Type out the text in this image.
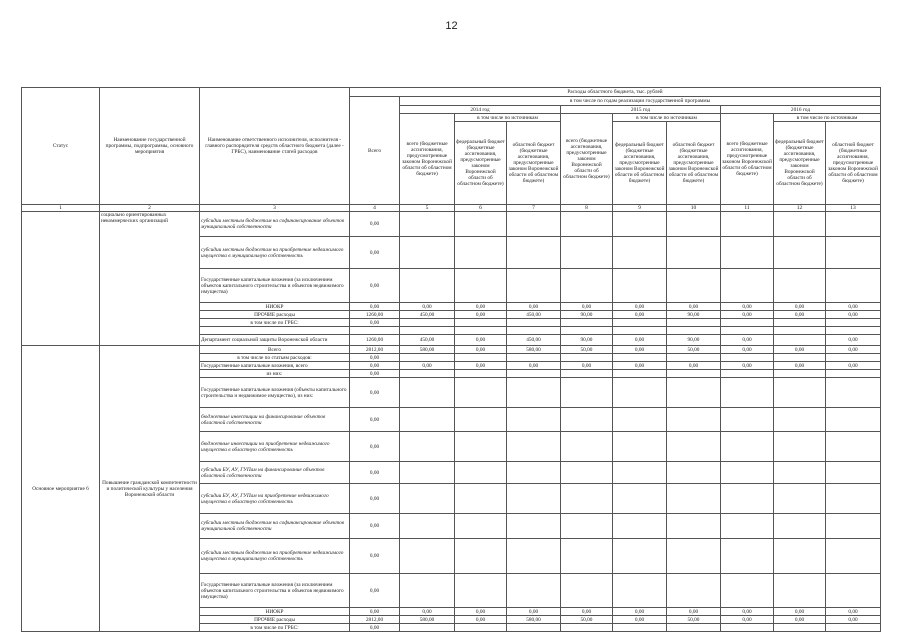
12
Статус	Наименование государственной программы, подпрограммы, основного мероприятия	Наименование ответственного исполнителя, исполнителя - главного распорядителя средств областного бюджета (далее - ГРБС), наименование статей расходов	Расходы областного бюджета, тыс. рублей									
			Всего	в том числе по годам реализации государственной программы								
				2014 год			2015 год			2016 год		
				всего (бюджетные ассигнования, предусмотренные законом Воронежской области об областном бюджете)	в том числе по источникам		всего (бюджетные ассигнования, предусмотренные законом Воронежской области об областном бюджете)	в том числе по источникам		всего (бюджетные ассигнования, предусмотренные законом Воронежской области об областном бюджете)	в том числе по источникам	
					федеральный бюджет (бюджетные ассигнования, предусмотренные законом Воронежской области об областном бюджете)	областной бюджет (бюджетные ассигнования, предусмотренные законом Воронежской области об областном бюджете)		федеральный бюджет (бюджетные ассигнования, предусмотренные законом Воронежской области об областном бюджете)	областной бюджет (бюджетные ассигнования, предусмотренные законом Воронежской области об областном бюджете)		федеральный бюджет (бюджетные ассигнования, предусмотренные законом Воронежской области об областном бюджете)	областной бюджет (бюджетные ассигнования, предусмотренные законом Воронежской области об областном бюджете)
1	2	3	4	5	6	7	8	9	10	11	12	13
	социально ориентированных некоммерческих организаций	субсидии местным бюджетам на софинансирование объектов муниципальной собственности	0,00									
		субсидии местным бюджетам на приобретение недвижимого имущества в муниципальную собственность	0,00									
		Государственные капитальные вложения (за исключением объектов капитального строительства и объектов недвижимого имущества)	0,00									
		НИОКР	0,00	0,00	0,00	0,00	0,00	0,00	0,00	0,00	0,00	0,00
		ПРОЧИЕ расходы	1260,00	450,00	0,00	450,00	90,00	0,00	90,00	0,00	0,00	0,00
		в том числе по ГРБС:	0,00									

		Департамент социальной защиты Воронежской области	1260,00	450,00	0,00	450,00	90,00	0,00	90,00	0,00		0,00
Основное мероприятие 6	Повышение гражданской компетентности и политической культуры у населения Воронежской области	Всего	2812,00	580,00	0,00	580,00	50,00	0,00	50,00	0,00	0,00	0,00
		в том числе по статьям расходов:	0,00									
		Государственные капитальные вложения, всего	0,00	0,00	0,00	0,00	0,00	0,00	0,00	0,00	0,00	0,00
		из них:	0,00									
		Государственные капитальные вложения (объекты капитального строительства и недвижимое имущество), из них:	0,00									
		бюджетные инвестиции на финансирование объектов областной собственности	0,00									
		бюджетные инвестиции на приобретение недвижимого имущества в областную собственность	0,00									
		субсидии БУ, АУ, ГУПам на финансирование объектов областной собственности	0,00									
		субсидии БУ, АУ, ГУПам на приобретение недвижимого имущества в областную собственность	0,00									
		субсидии местным бюджетам на софинансирование объектов муниципальной собственности	0,00									
		субсидии местным бюджетам на приобретение недвижимого имущества в муниципальную собственность	0,00									
		Государственные капитальные вложения (за исключением объектов капитального строительства и объектов недвижимого имущества)	0,00									
		НИОКР	0,00	0,00	0,00	0,00	0,00	0,00	0,00	0,00	0,00	0,00
		ПРОЧИЕ расходы	2812,00	580,00	0,00	580,00	50,00	0,00	50,00	0,00	0,00	0,00
		в том числе по ГРБС:	0,00									
